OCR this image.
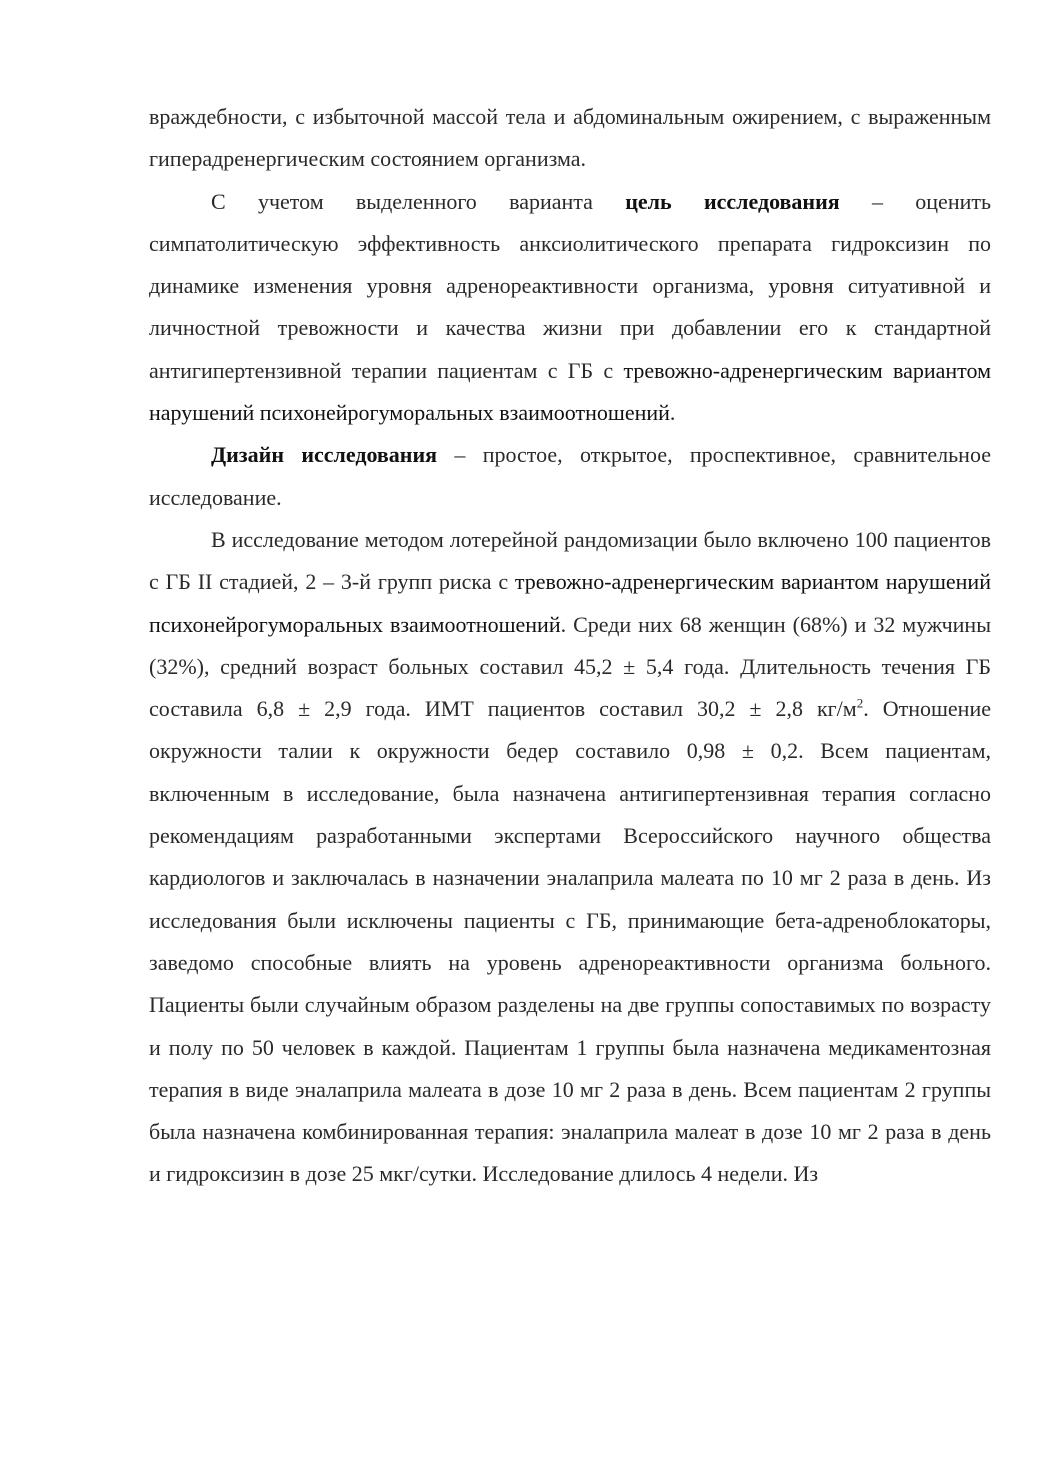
враждебности, с избыточной массой тела и абдоминальным ожирением, с выраженным гиперадренергическим состоянием организма.

С учетом выделенного варианта цель исследования – оценить симпатолитическую эффективность анксиолитического препарата гидроксизин по динамике изменения уровня адренореактивности организма, уровня ситуативной и личностной тревожности и качества жизни при добавлении его к стандартной антигипертензивной терапии пациентам с ГБ с тревожно-адренергическим вариантом нарушений психонейрогуморальных взаимоотношений.

Дизайн исследования – простое, открытое, проспективное, сравнительное исследование.

В исследование методом лотерейной рандомизации было включено 100 пациентов с ГБ II стадией, 2 – 3-й групп риска с тревожно-адренергическим вариантом нарушений психонейрогуморальных взаимоотношений. Среди них 68 женщин (68%) и 32 мужчины (32%), средний возраст больных составил 45,2 ± 5,4 года. Длительность течения ГБ составила 6,8 ± 2,9 года. ИМТ пациентов составил 30,2 ± 2,8 $кг/м^2$. Отношение окружности талии к окружности бедер составило 0,98 ± 0,2. Всем пациентам, включенным в исследование, была назначена антигипертензивная терапия согласно рекомендациям разработанными экспертами Всероссийского научного общества кардиологов и заключалась в назначении эналаприла малеата по 10 мг 2 раза в день. Из исследования были исключены пациенты с ГБ, принимающие бета-адреноблокаторы, заведомо способные влиять на уровень адренореактивности организма больного. Пациенты были случайным образом разделены на две группы сопоставимых по возрасту и полу по 50 человек в каждой. Пациентам 1 группы была назначена медикаментозная терапия в виде эналаприла малеата в дозе 10 мг 2 раза в день. Всем пациентам 2 группы была назначена комбинированная терапия: эналаприла малеат в дозе 10 мг 2 раза в день и гидроксизин в дозе 25 мкг/сутки. Исследование длилось 4 недели. Из
